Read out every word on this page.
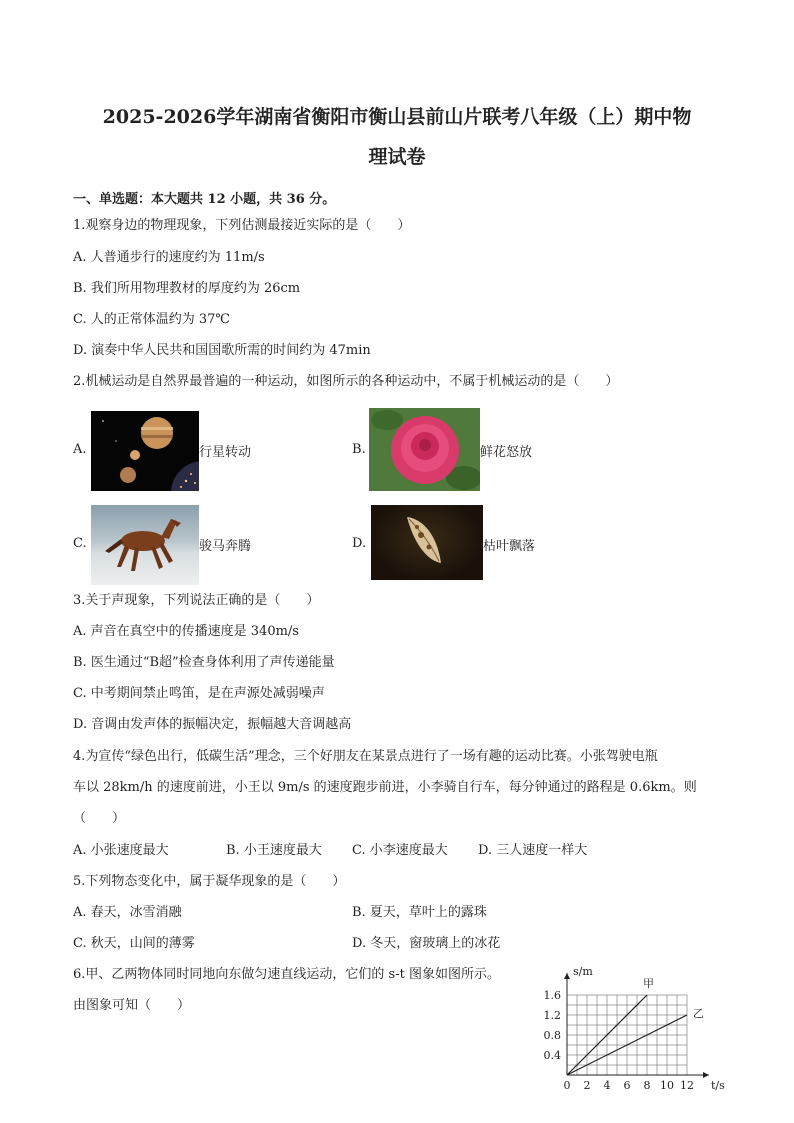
2025-2026学年湖南省衡阳市衡山县前山片联考八年级（上）期中物
理试卷
一、单选题：本大题共 12 小题，共 36 分。
1.观察身边的物理现象，下列估测最接近实际的是（　　）
A. 人普通步行的速度约为 11m/s
B. 我们所用物理教材的厚度约为 26cm
C. 人的正常体温约为 37℃
D. 演奏中华人民共和国国歌所需的时间约为 47min
2.机械运动是自然界最普遍的一种运动，如图所示的各种运动中，不属于机械运动的是（　　）
A.	行星转动	B.	鲜花怒放
C.	骏马奔腾	D.	枯叶飘落
3.关于声现象，下列说法正确的是（　　）
A. 声音在真空中的传播速度是 340m/s
B. 医生通过“B超”检查身体利用了声传递能量
C. 中考期间禁止鸣笛，是在声源处减弱噪声
D. 音调由发声体的振幅决定，振幅越大音调越高
4.为宣传“绿色出行，低碳生活”理念，三个好朋友在某景点进行了一场有趣的运动比赛。小张驾驶电瓶
车以 28km/h 的速度前进，小王以 9m/s 的速度跑步前进，小李骑自行车，每分钟通过的路程是 0.6km。则
（　　）
A. 小张速度最大	B. 小王速度最大 C. 小李速度最大 D. 三人速度一样大
5.下列物态变化中，属于凝华现象的是（　　）
A. 春天，冰雪消融	B. 夏天，草叶上的露珠
C. 秋天，山间的薄雾	D. 冬天，窗玻璃上的冰花
6.甲、乙两物体同时同地向东做匀速直线运动，它们的 s-t 图象如图所示。
由图象可知（　　）
0 2 4 6 8 10 12
0.4
0.8
1.2
1.6
t/s
s/m
甲
乙
